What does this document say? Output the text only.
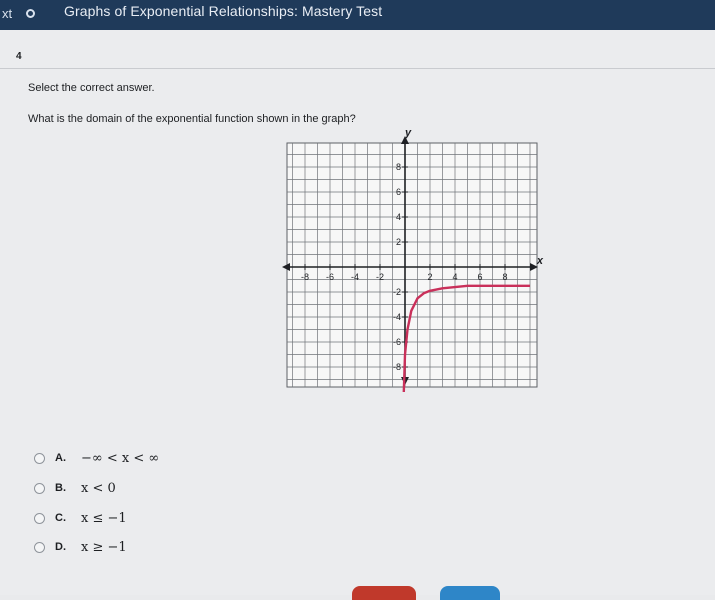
xt	Graphs of Exponential Relationships: Mastery Test
4
Select the correct answer.
What is the domain of the exponential function shown in the graph?
-8 -6 -4 -2	2 4 6 8
8
6
4
2
-2
-4
-6
-8
x
y
A.	−∞ < x < ∞
B.	x < 0
C.	x ≤ −1
D.	x ≥ −1
